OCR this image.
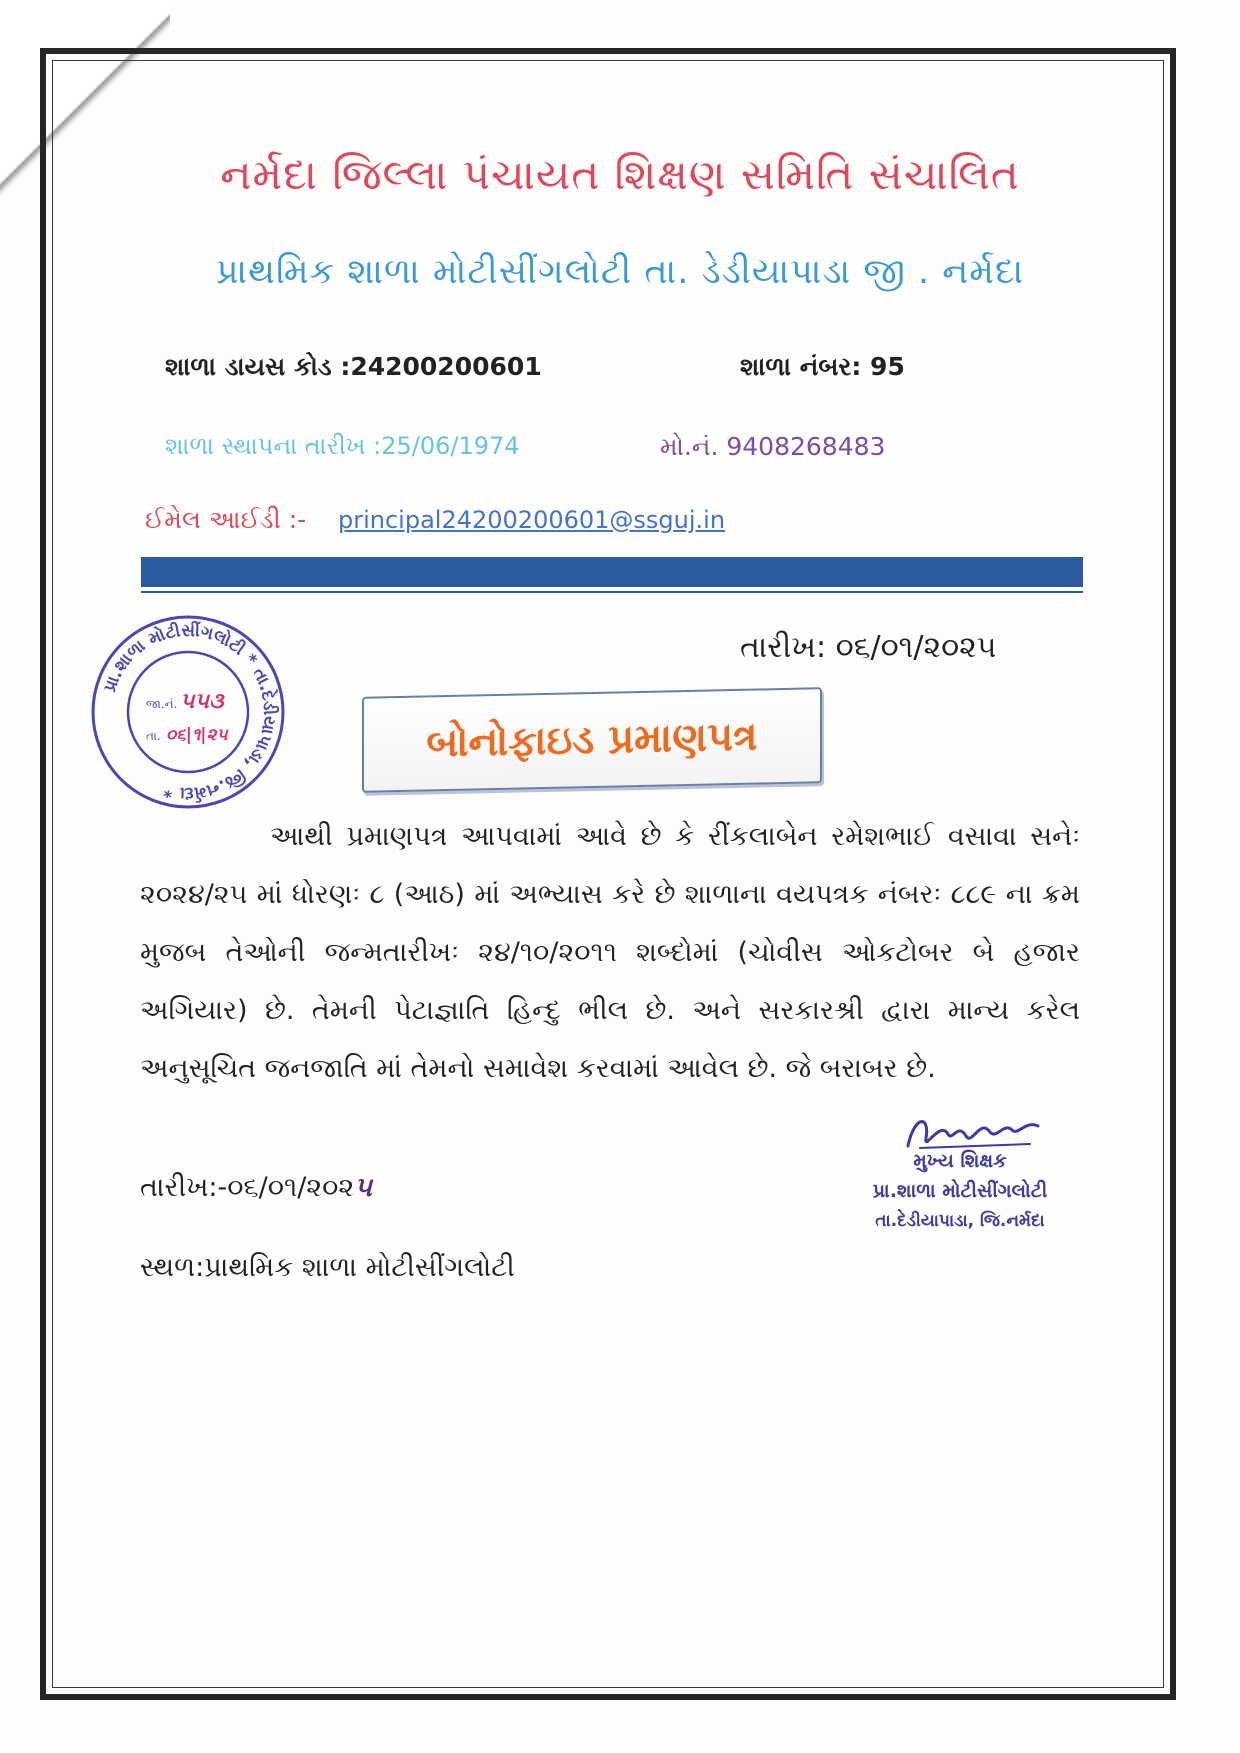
નર્મદા જિલ્લા પંચાયત શિક્ષણ સમિતિ સંચાલિત
પ્રાથમિક શાળા મોટીસીંગલોટી તા. ડેડીયાપાડા જી . નર્મદા
શાળા ડાયસ કોડ :24200200601	શાળા નંબર: 95
શાળા સ્થાપના તારીખ :25/06/1974	મો.નં. 9408268483
ઈમેલ આઈડી :- principal24200200601@ssguj.in
તારીખ: ૦૬/૦૧/૨૦૨૫
પ્રા.શાળા મોટીસીંગલોટી * તા.દેડીયાપાડા, જિ.નર્મદા *
જા.નં. ૫૫૩
તા. ૦૬|૧|૨૫	બોનોફાઇડ પ્રમાણપત્ર
આથી પ્રમાણપત્ર આપવામાં આવે છે કે રીંકલાબેન રમેશભાઈ વસાવા સનેઃ ૨૦૨૪/૨૫ માં ધોરણઃ ૮ (આઠ) માં અભ્યાસ કરે છે શાળાના વયપત્રક નંબરઃ ૮૮૯ ના ક્રમ મુજબ તેઓની જન્મતારીખઃ ૨૪/૧૦/૨૦૧૧ શબ્દોમાં (ચોવીસ ઓકટોબર બે હજાર અગિયાર) છે. તેમની પેટાજ્ઞાતિ હિન્દુ ભીલ છે. અને સરકારશ્રી દ્વારા માન્ય કરેલ અનુસૂચિત જનજાતિ માં તેમનો સમાવેશ કરવામાં આવેલ છે. જે બરાબર છે.
તારીખ:-૦૬/૦૧/૨૦૨૫
સ્થળ:પ્રાથમિક શાળા મોટીસીંગલોટી
મુખ્ય શિક્ષક
પ્રા.શાળા મોટીસીંગલોટી
તા.દેડીયાપાડા, જિ.નર્મદા
